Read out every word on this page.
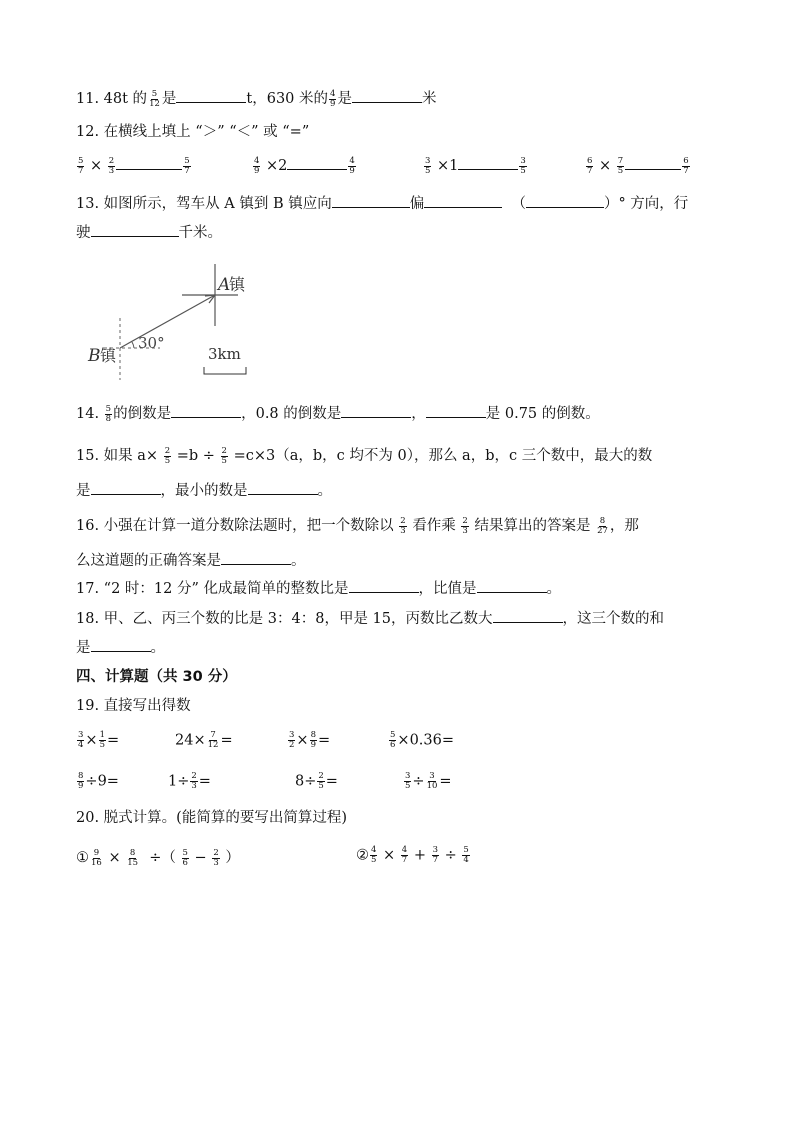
11. 48t 的 $\frac{5}{12}$ 是	t，630 米的 $\frac{4}{9}$ 是	米
12. 在横线上填上 “＞” “＜” 或 “=”
$\frac{5}{7} \times \frac{2}{3}$	$\frac{5}{7}$	$\frac{4}{9} \times 2$	$\frac{4}{9}$	$\frac{3}{5} \times 1$	$\frac{3}{5}$	$\frac{6}{7} \times \frac{7}{5}$	$\frac{6}{7}$
13. 如图所示，驾车从 A 镇到 B 镇应向	偏	（	）° 方向，行
驶	千米。
A
镇
B 镇
30°
3km
14. $\frac{5}{8}$ 的倒数是	，0.8 的倒数是	，	是 0.75 的倒数。
15. 如果 $a\times \frac{2}{5} =b \div \frac{2}{5} =c\times 3(a$，b，c 均不为 0），那么 a，b，c 三个数中，最大的数
是	，最小的数是	。
16. 小强在计算一道分数除法题时，把一个数除以 $\frac{2}{3}$ 看作乘 $\frac{2}{3}$ 结果算出的答案是 $\frac{8}{27}$ ，那
么这道题的正确答案是	。
17. “2 时：12 分” 化成最简单的整数比是	，比值是	。
18. 甲、乙、丙三个数的比是 3：4：8，甲是 15，丙数比乙数大	，这三个数的和
是	。
四、计算题（共 30 分）
19. 直接写出得数
$\frac{3}{4} \times \frac{1}{5}$ =	$24\times \frac{7}{12}$ =	$\frac{3}{2} \times \frac{8}{9}$ =	$\frac{5}{6} \times 0.36=$
$\frac{8}{9} \div 9=$	$1\div \frac{2}{3}$ =	$8\div \frac{2}{5}$ =	$\frac{3}{5} \div \frac{3}{10}$ =
20. 脱式计算。(能简算的要写出简算过程)
① $\frac{9}{16} \times \frac{8}{15}$ ÷（ $\frac{5}{6} - \frac{2}{3}$ ）	② $\frac{4}{5} \times \frac{4}{7} + \frac{3}{7} \div \frac{5}{4}$
